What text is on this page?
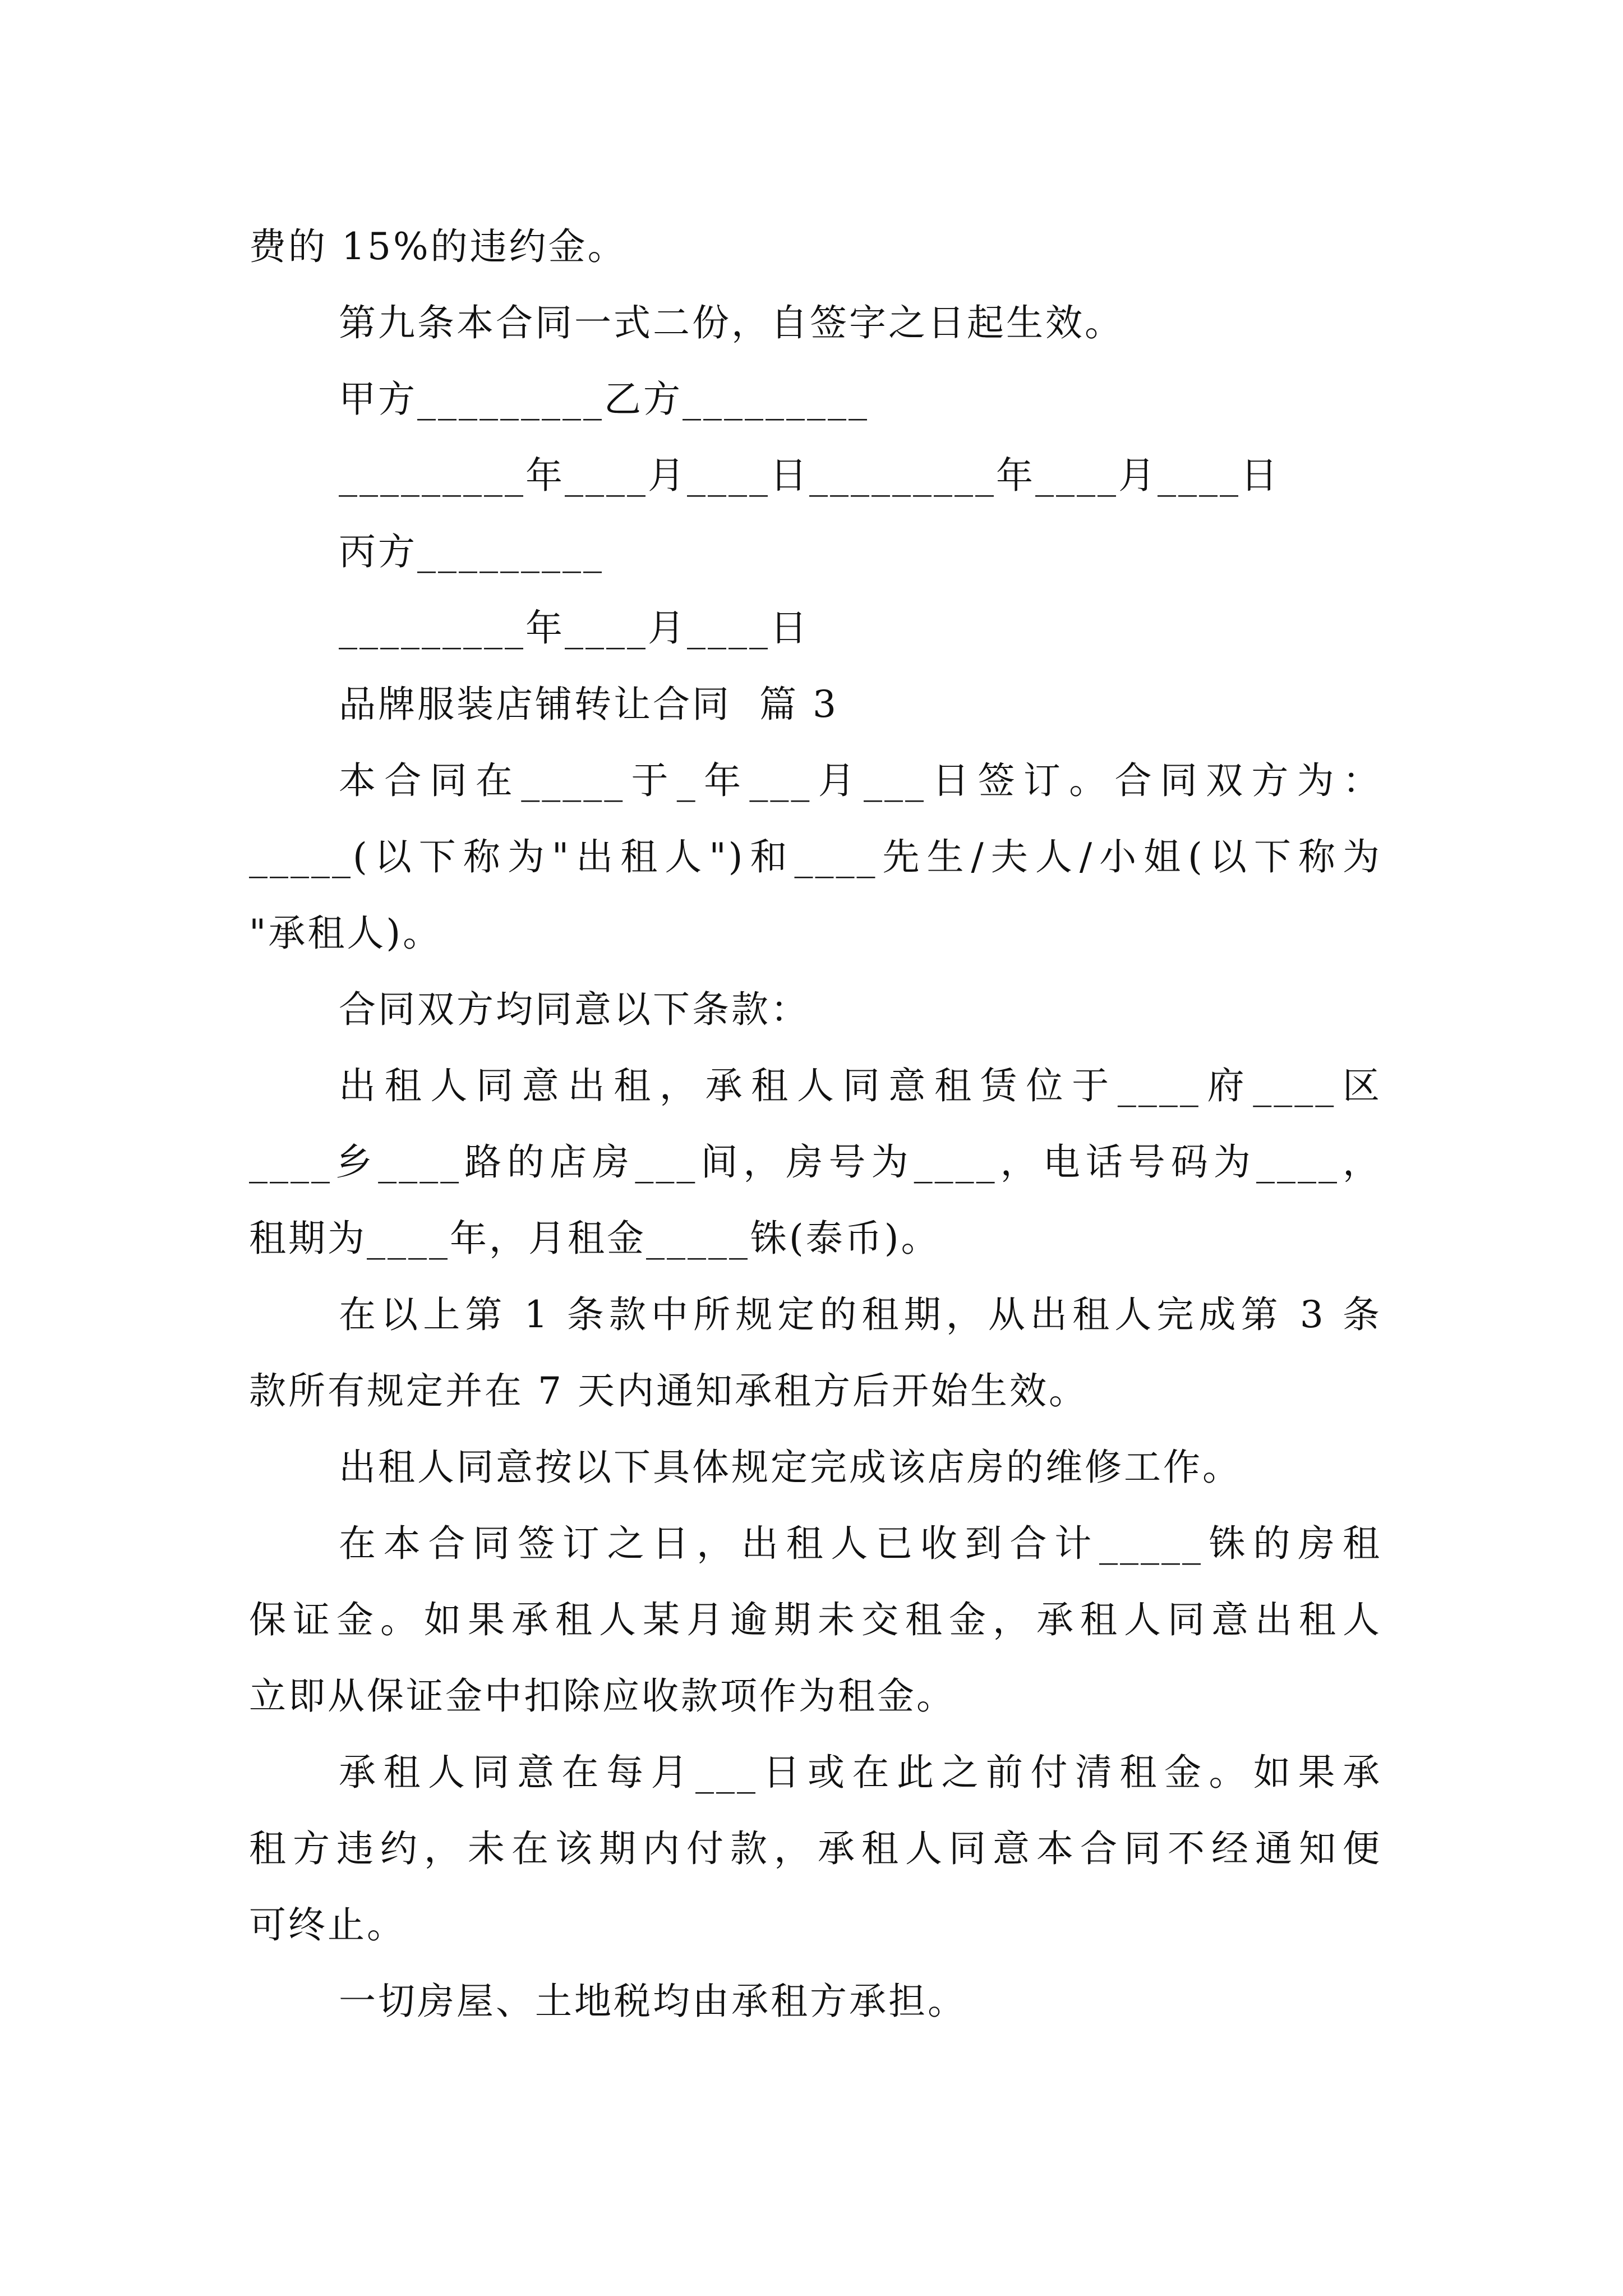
费的 15%的违约金。
第九条本合同一式二份，自签字之日起生效。
甲方_________乙方_________
_________年____月____日_________年____月____日
丙方_________
_________年____月____日
品牌服装店铺转让合同  篇 3
本合同在_____于_年___月___日签订。合同双方为：
_____(以下称为"出租人")和____先生/夫人/小姐(以下称为
"承租人)。
合同双方均同意以下条款：
出租人同意出租，承租人同意租赁位于____府____区
____乡____路的店房___间，房号为____，电话号码为____，
租期为____年，月租金_____铢(泰币)。
在以上第 1 条款中所规定的租期，从出租人完成第 3 条
款所有规定并在 7 天内通知承租方后开始生效。
出租人同意按以下具体规定完成该店房的维修工作。
在本合同签订之日，出租人已收到合计_____铢的房租
保证金。如果承租人某月逾期未交租金，承租人同意出租人
立即从保证金中扣除应收款项作为租金。
承租人同意在每月___日或在此之前付清租金。如果承
租方违约，未在该期内付款，承租人同意本合同不经通知便
可终止。
一切房屋、土地税均由承租方承担。
